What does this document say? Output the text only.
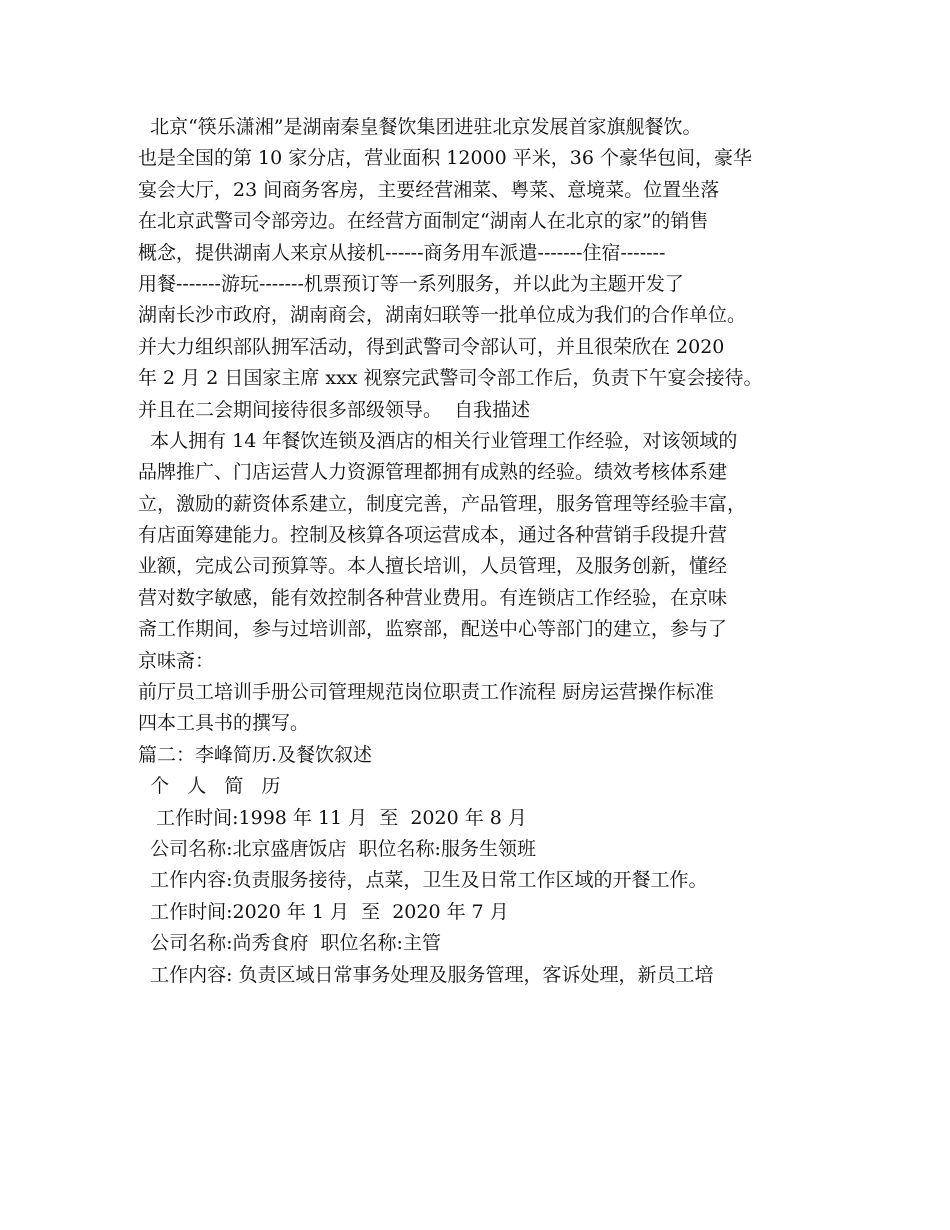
北京“筷乐潇湘”是湖南秦皇餐饮集团进驻北京发展首家旗舰餐饮。
也是全国的第 10 家分店，营业面积 12000 平米，36 个豪华包间，豪华
宴会大厅，23 间商务客房，主要经营湘菜、粤菜、意境菜。位置坐落
在北京武警司令部旁边。在经营方面制定“湖南人在北京的家”的销售
概念，提供湖南人来京从接机------商务用车派遣-------住宿-------
用餐-------游玩-------机票预订等一系列服务，并以此为主题开发了
湖南长沙市政府，湖南商会，湖南妇联等一批单位成为我们的合作单位。
并大力组织部队拥军活动，得到武警司令部认可，并且很荣欣在 2020
年 2 月 2 日国家主席 xxx 视察完武警司令部工作后，负责下午宴会接待。
并且在二会期间接待很多部级领导。  自我描述
本人拥有 14 年餐饮连锁及酒店的相关行业管理工作经验，对该领域的
品牌推广、门店运营人力资源管理都拥有成熟的经验。绩效考核体系建
立，激励的薪资体系建立，制度完善，产品管理，服务管理等经验丰富，
有店面筹建能力。控制及核算各项运营成本，通过各种营销手段提升营
业额，完成公司预算等。本人擅长培训，人员管理，及服务创新，懂经
营对数字敏感，能有效控制各种营业费用。有连锁店工作经验，在京味
斋工作期间，参与过培训部，监察部，配送中心等部门的建立，参与了
京味斋：
前厅员工培训手册公司管理规范岗位职责工作流程 厨房运营操作标准
四本工具书的撰写。
篇二：李峰简历.及餐饮叙述
个   人   简   历
工作时间:1998 年 11 月  至  2020 年 8 月
公司名称:北京盛唐饭店  职位名称:服务生领班
工作内容:负责服务接待，点菜，卫生及日常工作区域的开餐工作。
工作时间:2020 年 1 月  至  2020 年 7 月
公司名称:尚秀食府  职位名称:主管
工作内容: 负责区域日常事务处理及服务管理，客诉处理，新员工培
